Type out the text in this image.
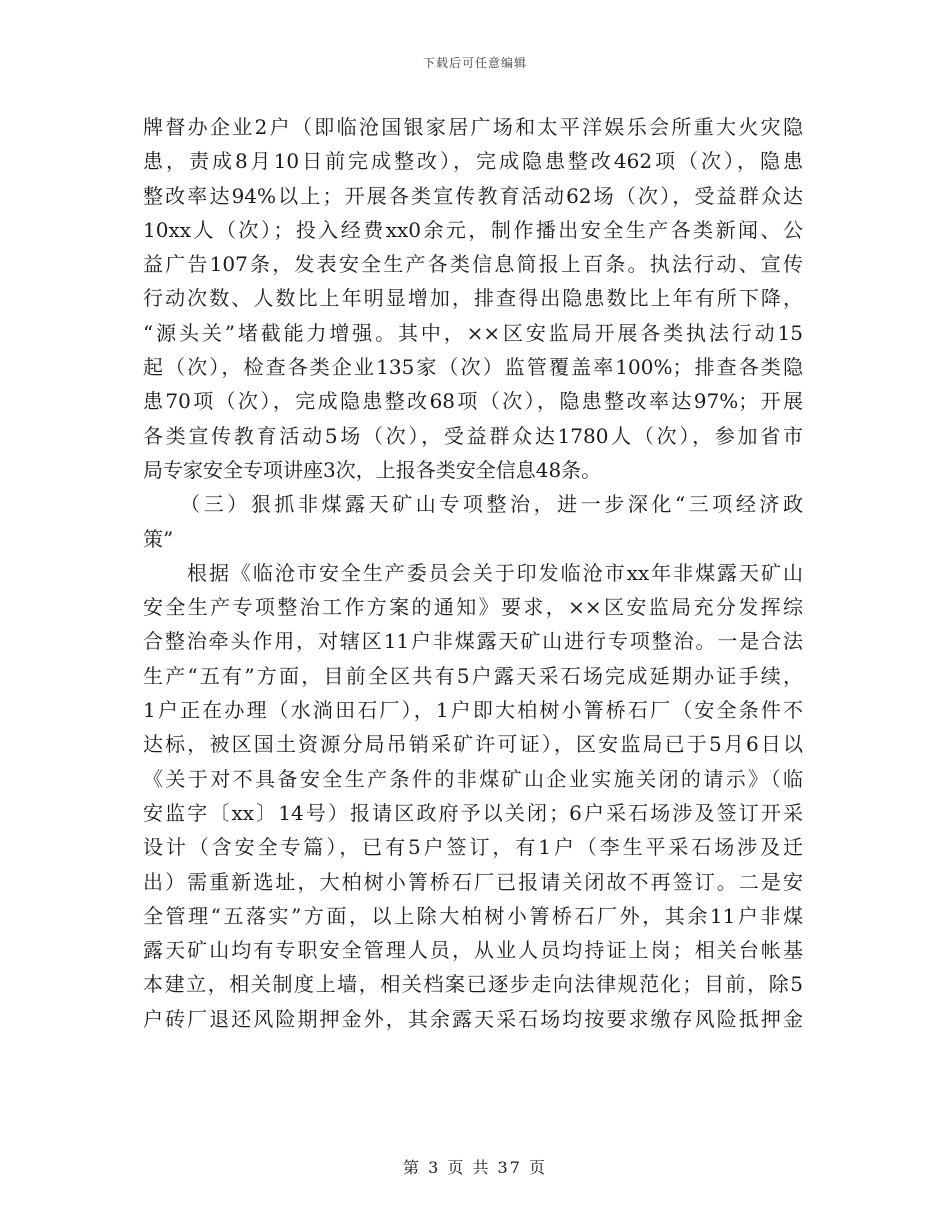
下载后可任意编辑
牌督办企业2户（即临沧国银家居广场和太平洋娱乐会所重大火灾隐
患，责成8月10日前完成整改），完成隐患整改462项（次），隐患
整改率达94%以上；开展各类宣传教育活动62场（次），受益群众达
10xx人（次）；投入经费xx0余元，制作播出安全生产各类新闻、公
益广告107条，发表安全生产各类信息简报上百条。执法行动、宣传
行动次数、人数比上年明显增加，排查得出隐患数比上年有所下降，
“源头关”堵截能力增强。其中，××区安监局开展各类执法行动15
起（次），检查各类企业135家（次）监管覆盖率100%；排查各类隐
患70项（次），完成隐患整改68项（次），隐患整改率达97%；开展
各类宣传教育活动5场（次），受益群众达1780人（次），参加省市
局专家安全专项讲座3次，上报各类安全信息48条。
　　（三）狠抓非煤露天矿山专项整治，进一步深化“三项经济政
策”
　　根据《临沧市安全生产委员会关于印发临沧市xx年非煤露天矿山
安全生产专项整治工作方案的通知》要求，××区安监局充分发挥综
合整治牵头作用，对辖区11户非煤露天矿山进行专项整治。一是合法
生产“五有”方面，目前全区共有5户露天采石场完成延期办证手续，
1户正在办理（水淌田石厂），1户即大柏树小箐桥石厂（安全条件不
达标，被区国土资源分局吊销采矿许可证），区安监局已于5月6日以
《关于对不具备安全生产条件的非煤矿山企业实施关闭的请示》（临
安监字〔xx〕14号）报请区政府予以关闭；6户采石场涉及签订开采
设计（含安全专篇），已有5户签订，有1户（李生平采石场涉及迁
出）需重新选址，大柏树小箐桥石厂已报请关闭故不再签订。二是安
全管理“五落实”方面，以上除大柏树小箐桥石厂外，其余11户非煤
露天矿山均有专职安全管理人员，从业人员均持证上岗；相关台帐基
本建立，相关制度上墙，相关档案已逐步走向法律规范化；目前，除5
户砖厂退还风险期押金外，其余露天采石场均按要求缴存风险抵押金
第 3 页 共 37 页
